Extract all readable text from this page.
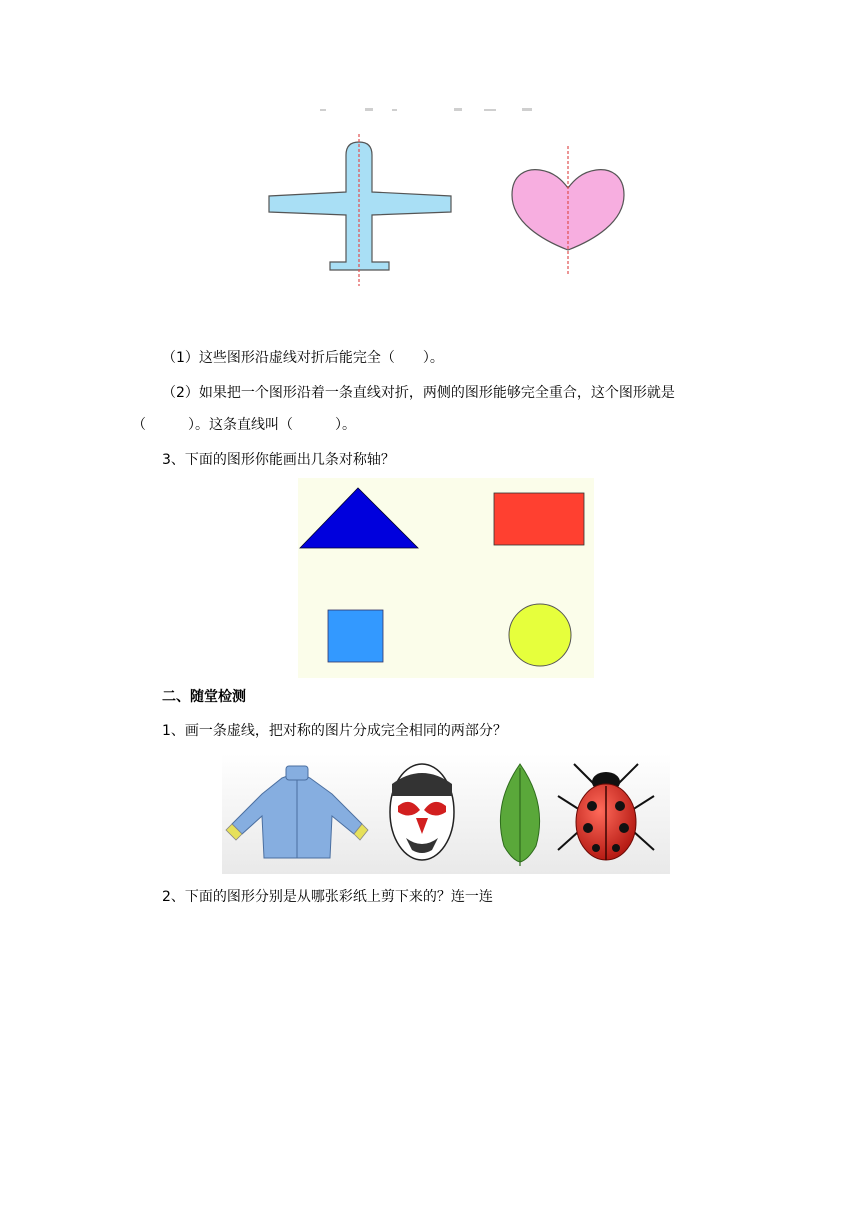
（1）这些图形沿虚线对折后能完全（　　）。
（2）如果把一个图形沿着一条直线对折，两侧的图形能够完全重合，这个图形就是
（　　　）。这条直线叫（　　　）。
3、下面的图形你能画出几条对称轴？
二、随堂检测
1、画一条虚线，把对称的图片分成完全相同的两部分？
2、下面的图形分别是从哪张彩纸上剪下来的？连一连
